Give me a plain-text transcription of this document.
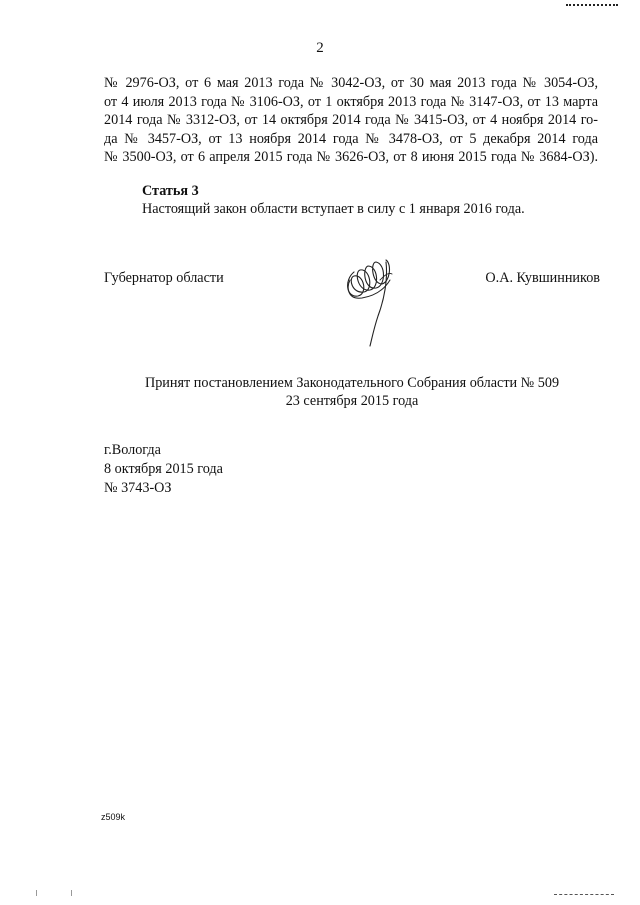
2
№ 2976-ОЗ, от 6 мая 2013 года № 3042-ОЗ, от 30 мая 2013 года № 3054-ОЗ,
от 4 июля 2013 года № 3106-ОЗ, от 1 октября 2013 года № 3147-ОЗ, от 13 марта
2014 года № 3312-ОЗ, от 14 октября 2014 года № 3415-ОЗ, от 4 ноября 2014 го-
да № 3457-ОЗ, от 13 ноября 2014 года № 3478-ОЗ, от 5 декабря 2014 года
№ 3500-ОЗ, от 6 апреля 2015 года № 3626-ОЗ, от 8 июня 2015 года № 3684-ОЗ).
Статья 3
Настоящий закон области вступает в силу с 1 января 2016 года.
Губернатор области	О.А. Кувшинников
Принят постановлением Законодательного Собрания области № 509
23 сентября 2015 года
г.Вологда
8 октября 2015 года
№ 3743-ОЗ
z509k
